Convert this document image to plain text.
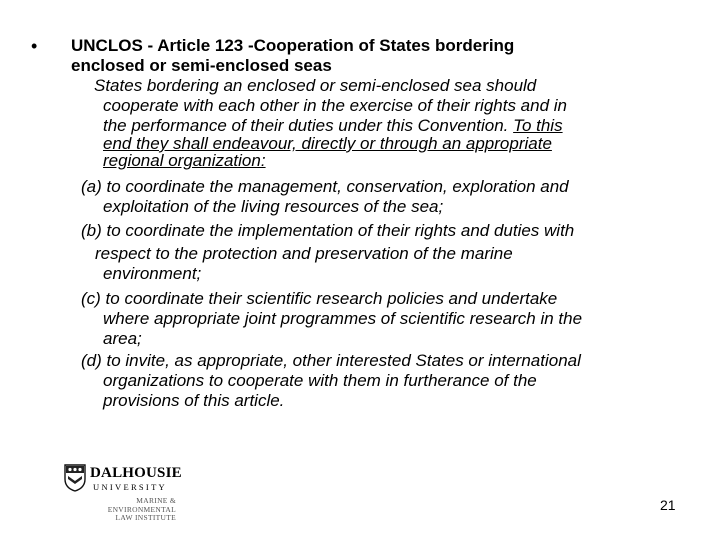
• UNCLOS - Article 123 -Cooperation of States bordering
enclosed or semi-enclosed seas
States bordering an enclosed or semi-enclosed sea should
cooperate with each other in the exercise of their rights and in
the performance of their duties under this Convention. To this
end they shall endeavour, directly or through an appropriate
regional organization:
(a) to coordinate the management, conservation, exploration and
exploitation of the living resources of the sea;
(b) to coordinate the implementation of their rights and duties with
respect to the protection and preservation of the marine
environment;
(c) to coordinate their scientific research policies and undertake
where appropriate joint programmes of scientific research in the
area;
(d) to invite, as appropriate, other interested States or international
organizations to cooperate with them in furtherance of the
provisions of this article.
DALHOUSIE
UNIVERSITY
MARINE &
ENVIRONMENTAL
LAW INSTITUTE
21
